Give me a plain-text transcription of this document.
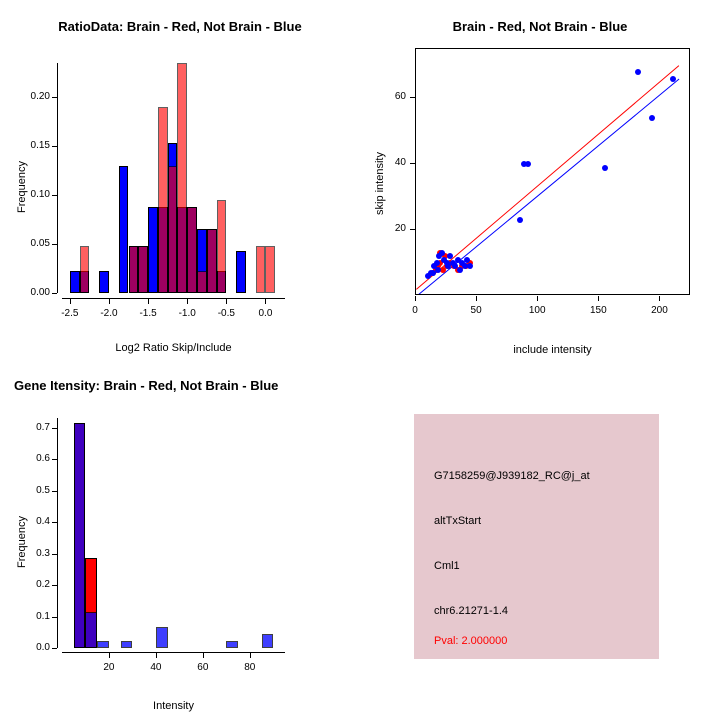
RatioData: Brain - Red, Not Brain - Blue
Frequency
Log2 Ratio Skip/Include
0.00
0.05
0.10
0.15
0.20
-2.5	-2.0	-1.5	-1.0	-0.5	0.0
Brain - Red, Not Brain - Blue
skip intensity
include intensity
20
40
60
0	50	100	150	200
Gene Itensity: Brain - Red, Not Brain - Blue
Frequency
Intensity
0.0
0.1
0.2
0.3
0.4
0.5
0.6
0.7
20	40	60	80
G7158259@J939182_RC@j_at
altTxStart
Cml1
chr6.21271-1.4
Pval: 2.000000
